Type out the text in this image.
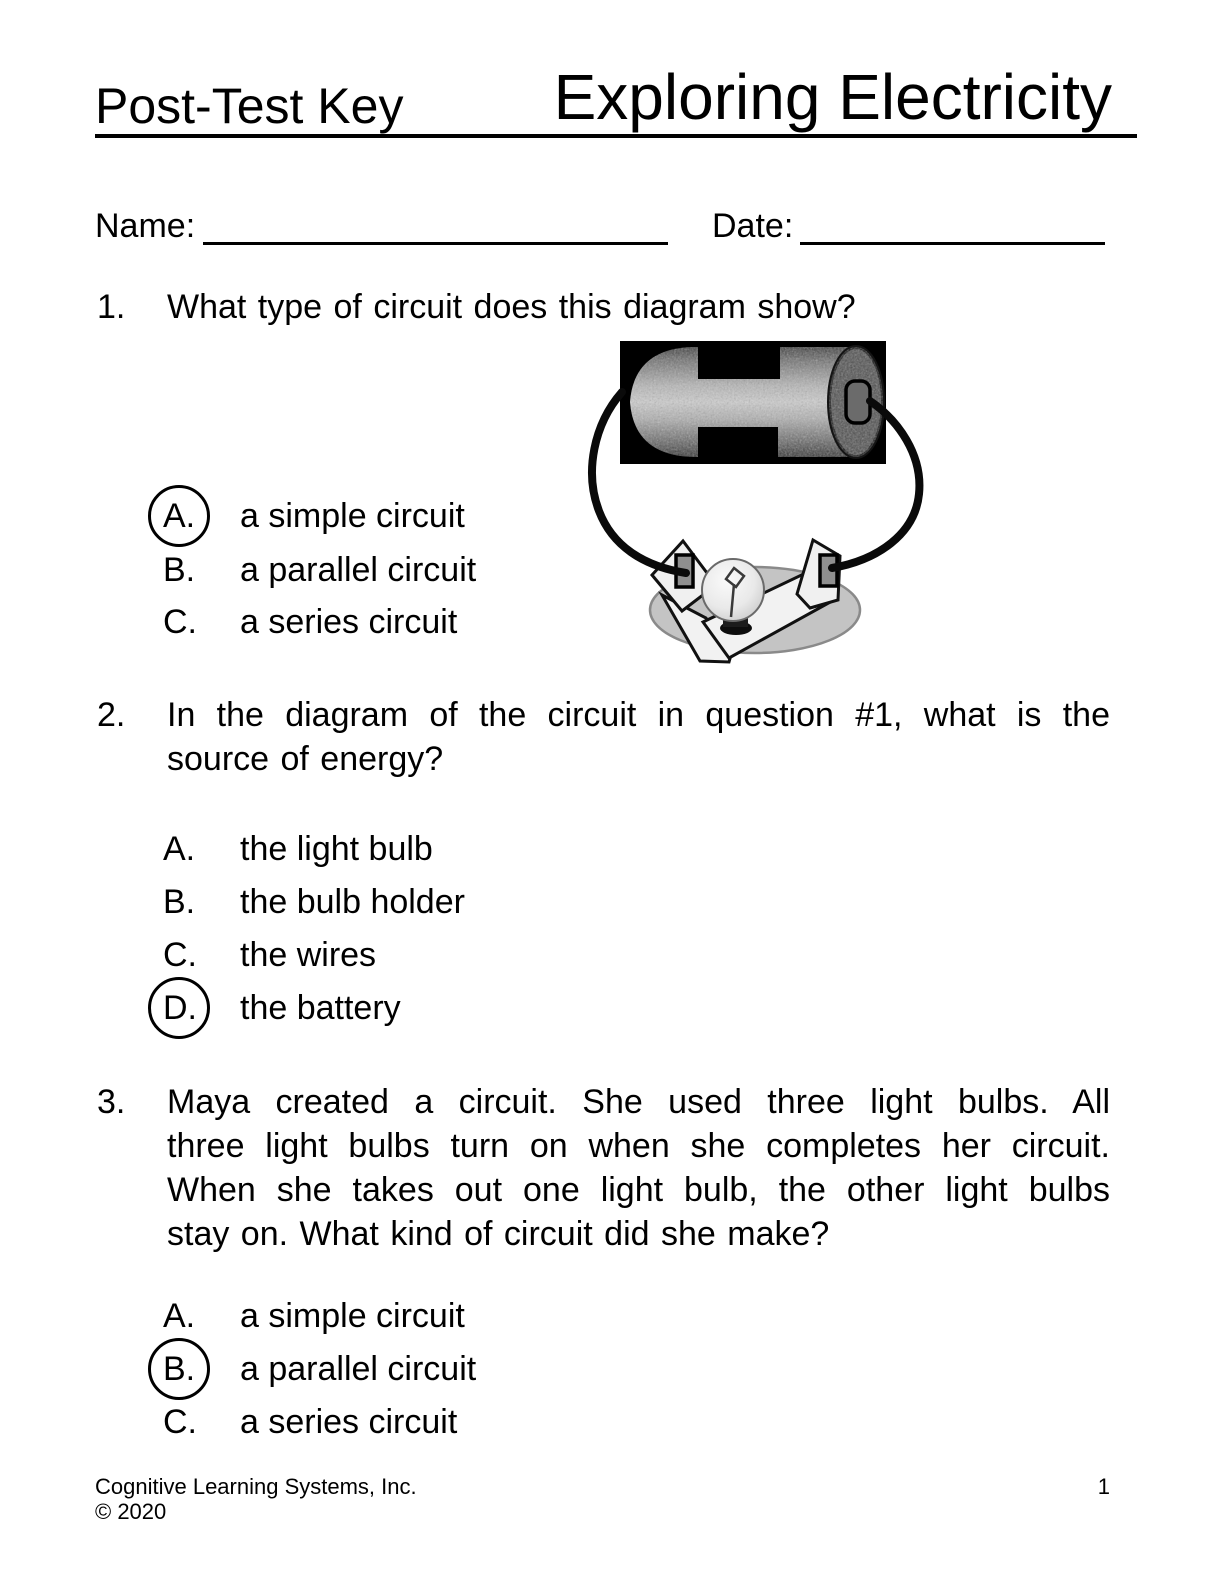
Post-Test Key	Exploring Electricity
Name:	Date:
1. What type of circuit does this diagram show?
A.	a simple circuit
B.	a parallel circuit
C.	a series circuit
2. In the diagram of the circuit in question #1, what is the
source of energy?
A.	the light bulb
B.	the bulb holder
C.	the wires
D.	the battery
3. Maya created a circuit. She used three light bulbs. All
three light bulbs turn on when she completes her circuit.
When she takes out one light bulb, the other light bulbs
stay on. What kind of circuit did she make?
A.	a simple circuit
B.	a parallel circuit
C.	a series circuit
Cognitive Learning Systems, Inc.
© 2020
1
